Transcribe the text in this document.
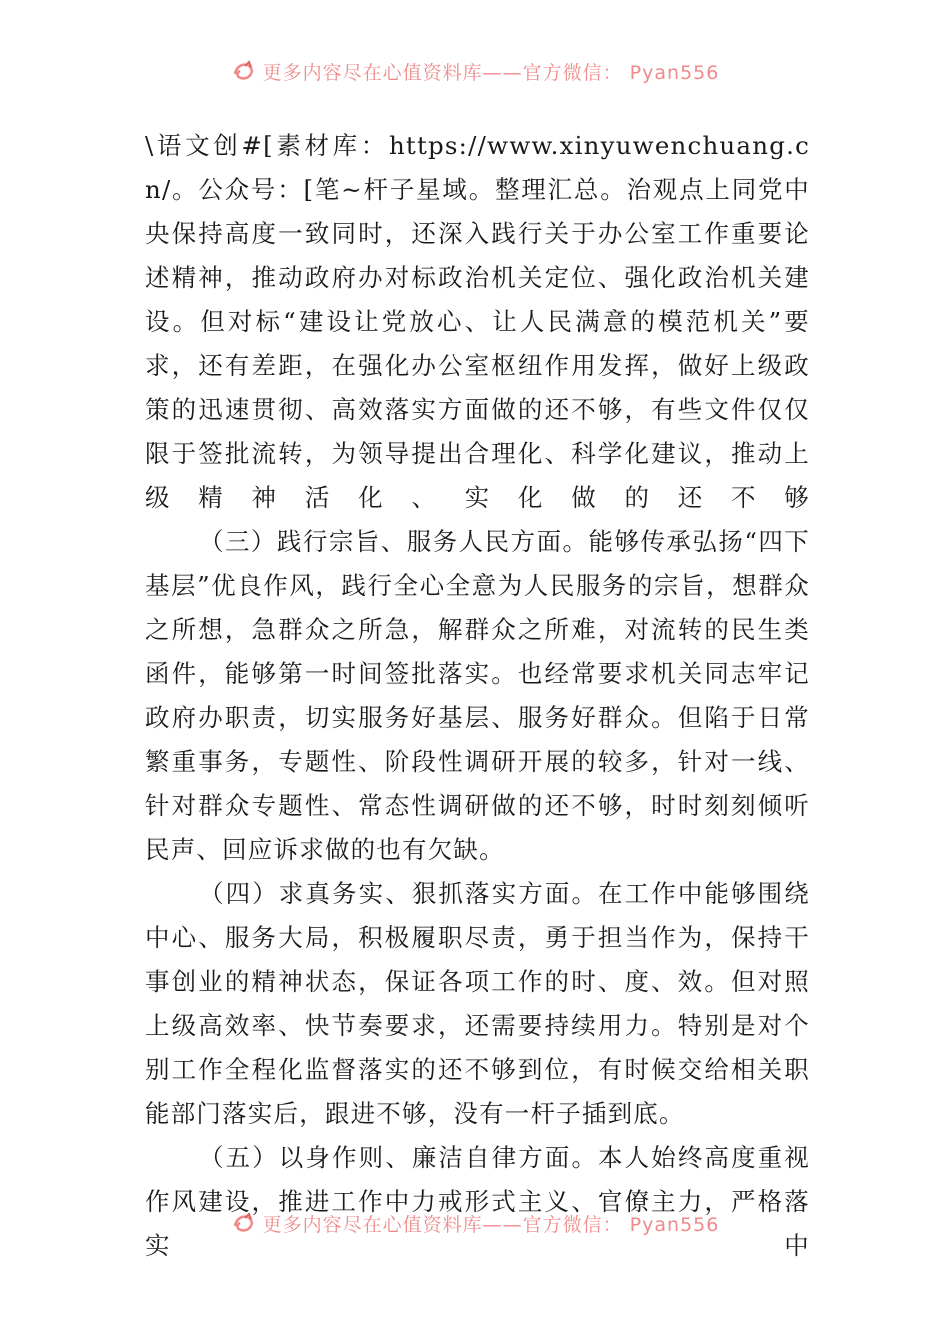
更多内容尽在心值资料库——官方微信： Pyan556

\语文创#[素材库：https://www.xinyuwenchuang.cn/。公众号：[笔~杆子星域。整理汇总。治观点上同党中央保持高度一致同时，还深入践行关于办公室工作重要论述精神，推动政府办对标政治机关定位、强化政治机关建设。但对标“建设让党放心、让人民满意的模范机关”要求，还有差距，在强化办公室枢纽作用发挥，做好上级政策的迅速贯彻、高效落实方面做的还不够，有些文件仅仅限于签批流转，为领导提出合理化、科学化建议，推动上级精神活化、实化做的还不够

（三）践行宗旨、服务人民方面。能够传承弘扬“四下基层”优良作风，践行全心全意为人民服务的宗旨，想群众之所想，急群众之所急，解群众之所难，对流转的民生类函件，能够第一时间签批落实。也经常要求机关同志牢记政府办职责，切实服务好基层、服务好群众。但陷于日常繁重事务，专题性、阶段性调研开展的较多，针对一线、针对群众专题性、常态性调研做的还不够，时时刻刻倾听民声、回应诉求做的也有欠缺。

（四）求真务实、狠抓落实方面。在工作中能够围绕中心、服务大局，积极履职尽责，勇于担当作为，保持干事创业的精神状态，保证各项工作的时、度、效。但对照上级高效率、快节奏要求，还需要持续用力。特别是对个别工作全程化监督落实的还不够到位，有时候交给相关职能部门落实后，跟进不够，没有一杆子插到底。

（五）以身作则、廉洁自律方面。本人始终高度重视作风建设，推进工作中力戒形式主义、官僚主力，严格落实中

更多内容尽在心值资料库——官方微信： Pyan556
